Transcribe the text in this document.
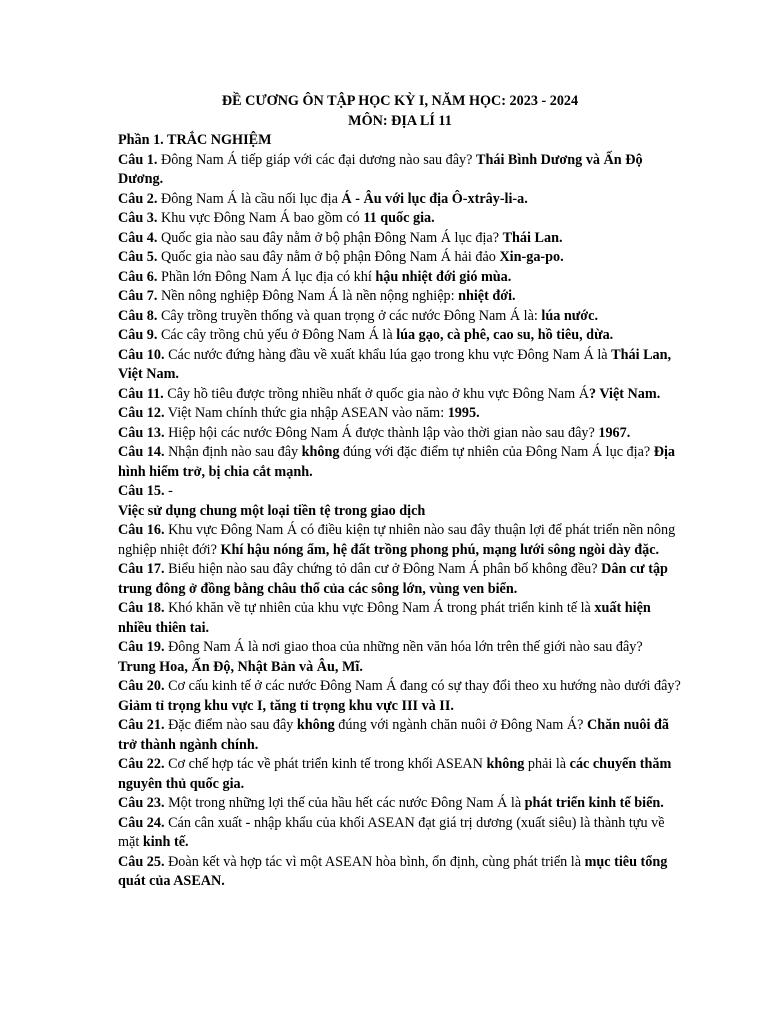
ĐỀ CƯƠNG ÔN TẬP HỌC KỲ I, NĂM HỌC: 2023 - 2024

MÔN: ĐỊA LÍ 11

Phần 1. TRẮC NGHIỆM

Câu 1. Đông Nam Á tiếp giáp với các đại dương nào sau đây? Thái Bình Dương và Ấn Độ Dương.

Câu 2. Đông Nam Á là cầu nối lục địa Á - Âu với lục địa Ô-xtrây-li-a.

Câu 3. Khu vực Đông Nam Á bao gồm có 11 quốc gia.

Câu 4. Quốc gia nào sau đây nằm ở bộ phận Đông Nam Á lục địa? Thái Lan.

Câu 5. Quốc gia nào sau đây nằm ở bộ phận Đông Nam Á hải đảo Xin-ga-po.

Câu 6. Phần lớn Đông Nam Á lục địa có khí hậu nhiệt đới gió mùa.

Câu 7. Nền nông nghiệp Đông Nam Á là nền nộng nghiệp: nhiệt đới.

Câu 8. Cây trồng truyền thống và quan trọng ở các nước Đông Nam Á là: lúa nước.

Câu 9. Các cây trồng chủ yếu ở Đông Nam Á là lúa gạo, cà phê, cao su, hồ tiêu, dừa.

Câu 10. Các nước đứng hàng đầu về xuất khẩu lúa gạo trong khu vực Đông Nam Á là Thái Lan, Việt Nam.

Câu 11. Cây hồ tiêu được trồng nhiều nhất ở quốc gia nào ở khu vực Đông Nam Á? Việt Nam.

Câu 12. Việt Nam chính thức gia nhập ASEAN vào năm: 1995.

Câu 13. Hiệp hội các nước Đông Nam Á được thành lập vào thời gian nào sau đây? 1967.

Câu 14. Nhận định nào sau đây không đúng với đặc điểm tự nhiên của Đông Nam Á lục địa? Địa hình hiểm trở, bị chia cắt mạnh.

Câu 15. -

Việc sử dụng chung một loại tiền tệ trong giao dịch

Câu 16. Khu vực Đông Nam Á có điều kiện tự nhiên nào sau đây thuận lợi để phát triển nền nông nghiệp nhiệt đới? Khí hậu nóng ẩm, hệ đất trồng phong phú, mạng lưới sông ngòi dày đặc.

Câu 17. Biểu hiện nào sau đây chứng tỏ dân cư ở Đông Nam Á phân bố không đều? Dân cư tập trung đông ở đồng bằng châu thổ của các sông lớn, vùng ven biển.

Câu 18. Khó khăn về tự nhiên của khu vực Đông Nam Á trong phát triển kinh tế là xuất hiện nhiều thiên tai.

Câu 19. Đông Nam Á là nơi giao thoa của những nền văn hóa lớn trên thế giới nào sau đây? Trung Hoa, Ấn Độ, Nhật Bản và Âu, Mĩ.

Câu 20. Cơ cấu kinh tế ở các nước Đông Nam Á đang có sự thay đổi theo xu hướng nào dưới đây? Giảm tỉ trọng khu vực I, tăng tỉ trọng khu vực III và II.

Câu 21. Đặc điểm nào sau đây không đúng với ngành chăn nuôi ở Đông Nam Á? Chăn nuôi đã trở thành ngành chính.

Câu 22. Cơ chế hợp tác về phát triển kinh tế trong khối ASEAN không phải là các chuyến thăm nguyên thủ quốc gia.

Câu 23. Một trong những lợi thế của hầu hết các nước Đông Nam Á là phát triển kinh tế biển.

Câu 24. Cán cân xuất - nhập khẩu của khối ASEAN đạt giá trị dương (xuất siêu) là thành tựu về mặt kinh tế.

Câu 25. Đoàn kết và hợp tác vì một ASEAN hòa bình, ổn định, cùng phát triển là mục tiêu tổng quát của ASEAN.
